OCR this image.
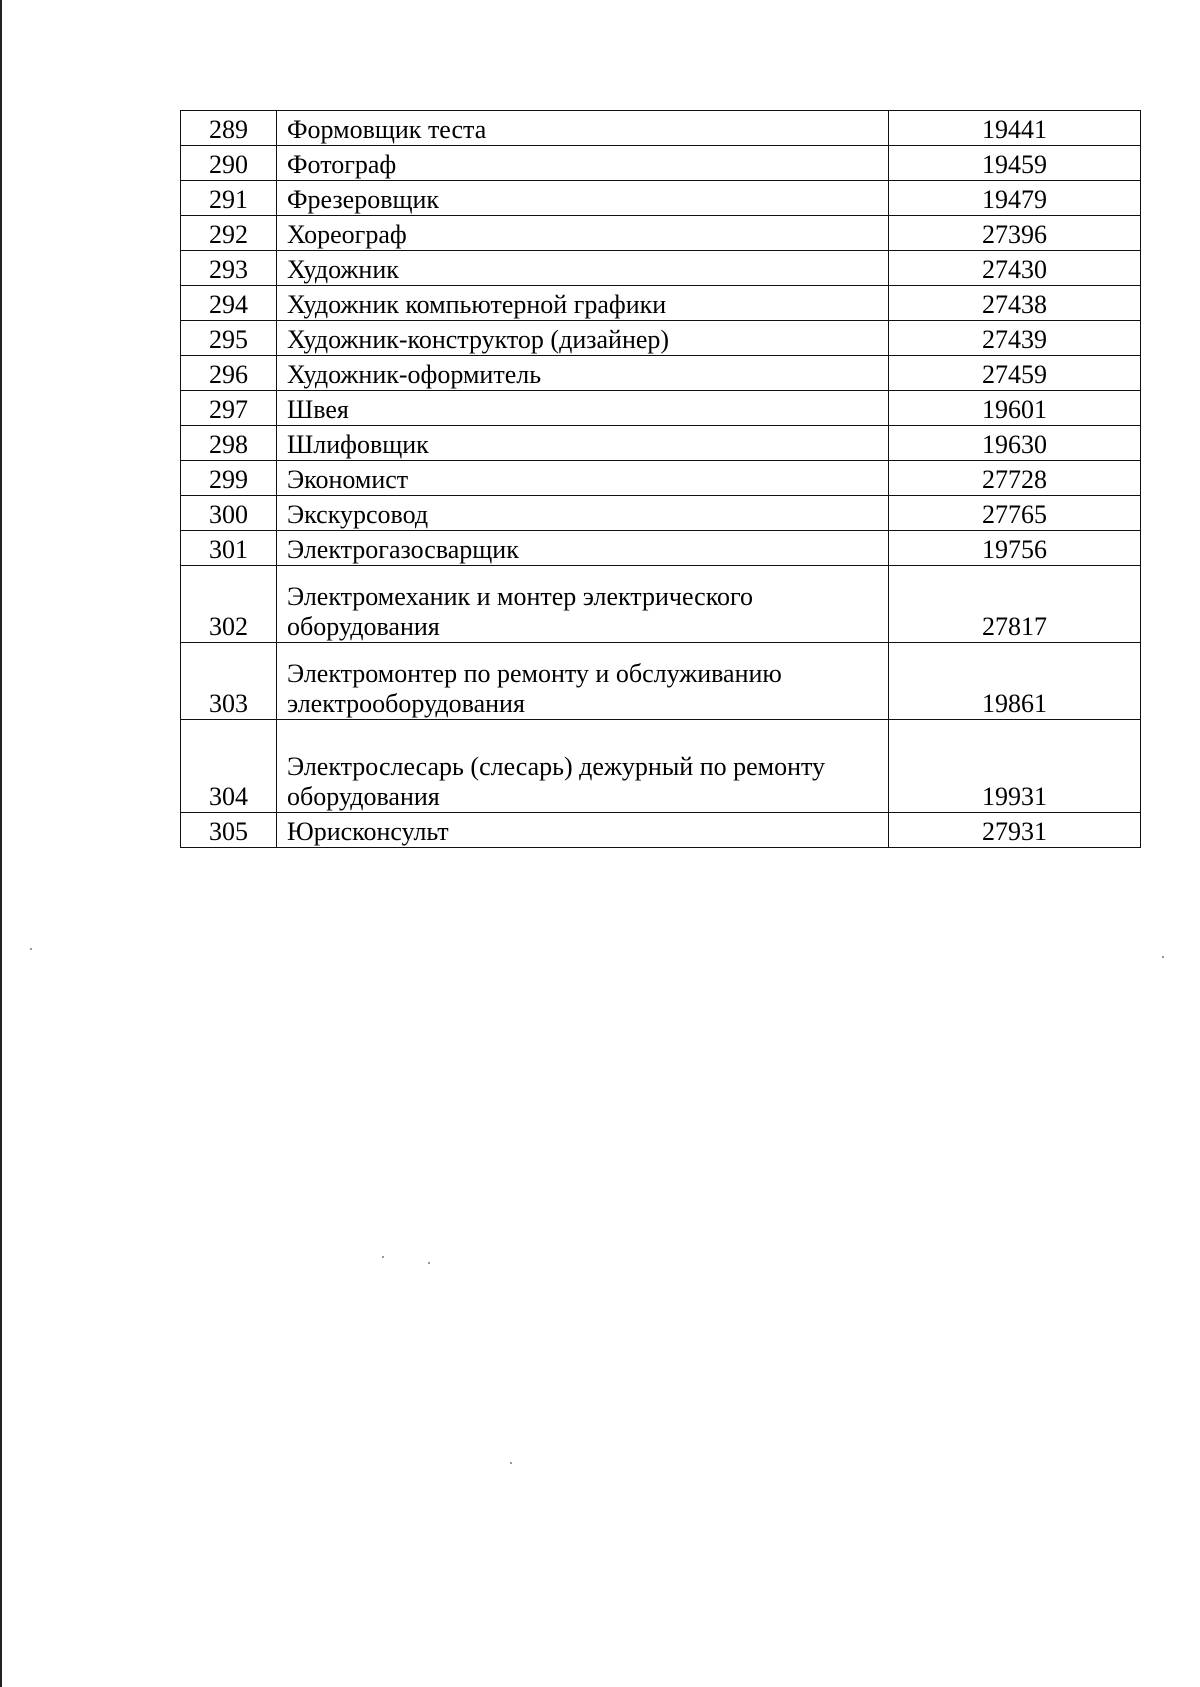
289	Формовщик теста	19441
290	Фотограф	19459
291	Фрезеровщик	19479
292	Хореограф	27396
293	Художник	27430
294	Художник компьютерной графики	27438
295	Художник-конструктор (дизайнер)	27439
296	Художник-оформитель	27459
297	Швея	19601
298	Шлифовщик	19630
299	Экономист	27728
300	Экскурсовод	27765
301	Электрогазосварщик	19756
302	Электромеханик и монтер электрического оборудования	27817
303	Электромонтер по ремонту и обслуживанию электрооборудования	19861
304	Электрослесарь (слесарь) дежурный по ремонту оборудования	19931
305	Юрисконсульт	27931
